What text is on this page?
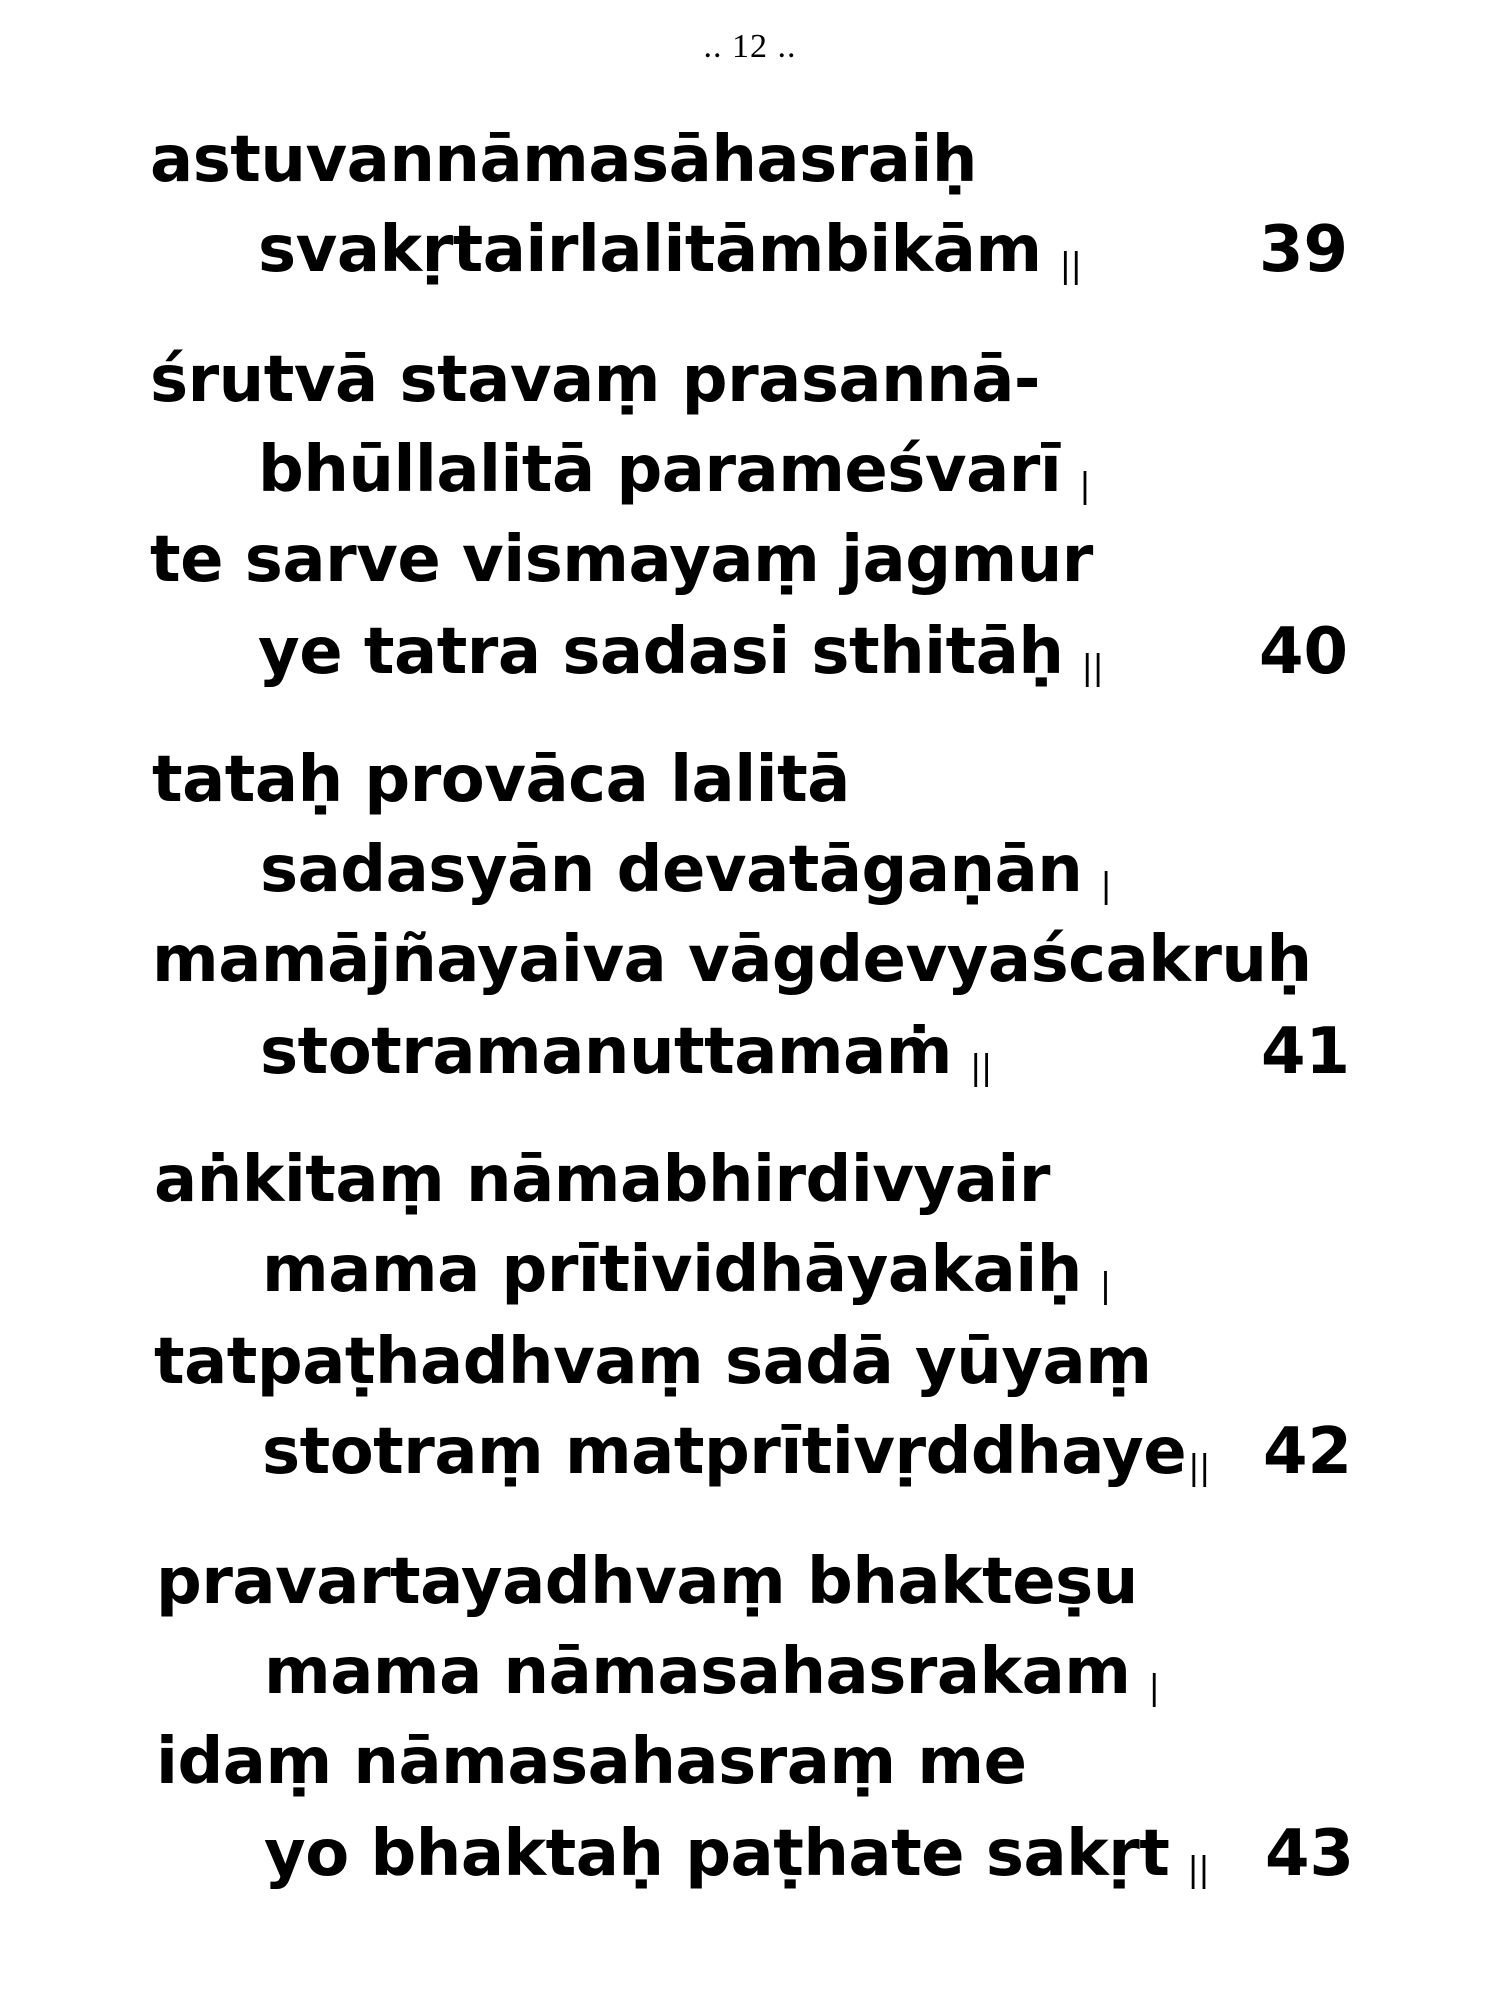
.. 12 ..
astuvannāmasāhasraiḥ
svakṛtairlalitāmbikām ||	39
śrutvā stavaṃ prasannā-
bhūllalitā parameśvarī |
te sarve vismayaṃ jagmur
ye tatra sadasi sthitāḥ ||	40
tataḥ provāca lalitā
sadasyān devatāgaṇān |
mamājñayaiva vāgdevyaścakruḥ
stotramanuttamaṁ ||	41
aṅkitaṃ nāmabhirdivyair
mama prītividhāyakaiḥ |
tatpaṭhadhvaṃ sadā yūyaṃ
stotraṃ matprītivṛddhaye|| 42
pravartayadhvaṃ bhakteṣu
mama nāmasahasrakam |
idaṃ nāmasahasraṃ me
yo bhaktaḥ paṭhate sakṛt || 43
